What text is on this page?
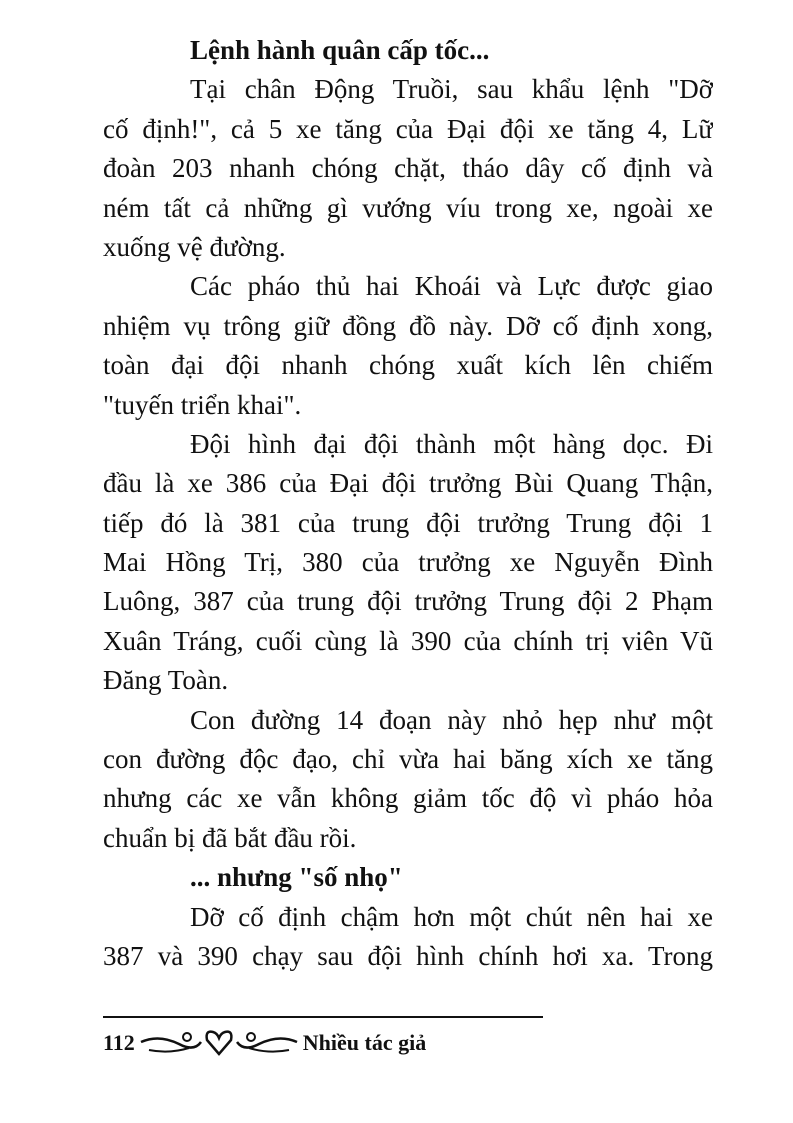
Lệnh hành quân cấp tốc...
Tại chân Động Truồi, sau khẩu lệnh "Dỡ
cố định!", cả 5 xe tăng của Đại đội xe tăng 4, Lữ
đoàn 203 nhanh chóng chặt, tháo dây cố định và
ném tất cả những gì vướng víu trong xe, ngoài xe
xuống vệ đường.
Các pháo thủ hai Khoái và Lực được giao
nhiệm vụ trông giữ đồng đồ này. Dỡ cố định xong,
toàn đại đội nhanh chóng xuất kích lên chiếm
"tuyến triển khai".
Đội hình đại đội thành một hàng dọc. Đi
đầu là xe 386 của Đại đội trưởng Bùi Quang Thận,
tiếp đó là 381 của trung đội trưởng Trung đội 1
Mai Hồng Trị, 380 của trưởng xe Nguyễn Đình
Luông, 387 của trung đội trưởng Trung đội 2 Phạm
Xuân Tráng, cuối cùng là 390 của chính trị viên Vũ
Đăng Toàn.
Con đường 14 đoạn này nhỏ hẹp như một
con đường độc đạo, chỉ vừa hai băng xích xe tăng
nhưng các xe vẫn không giảm tốc độ vì pháo hỏa
chuẩn bị đã bắt đầu rồi.
... nhưng "số nhọ"
Dỡ cố định chậm hơn một chút nên hai xe
387 và 390 chạy sau đội hình chính hơi xa. Trong
112	Nhiều tác giả
